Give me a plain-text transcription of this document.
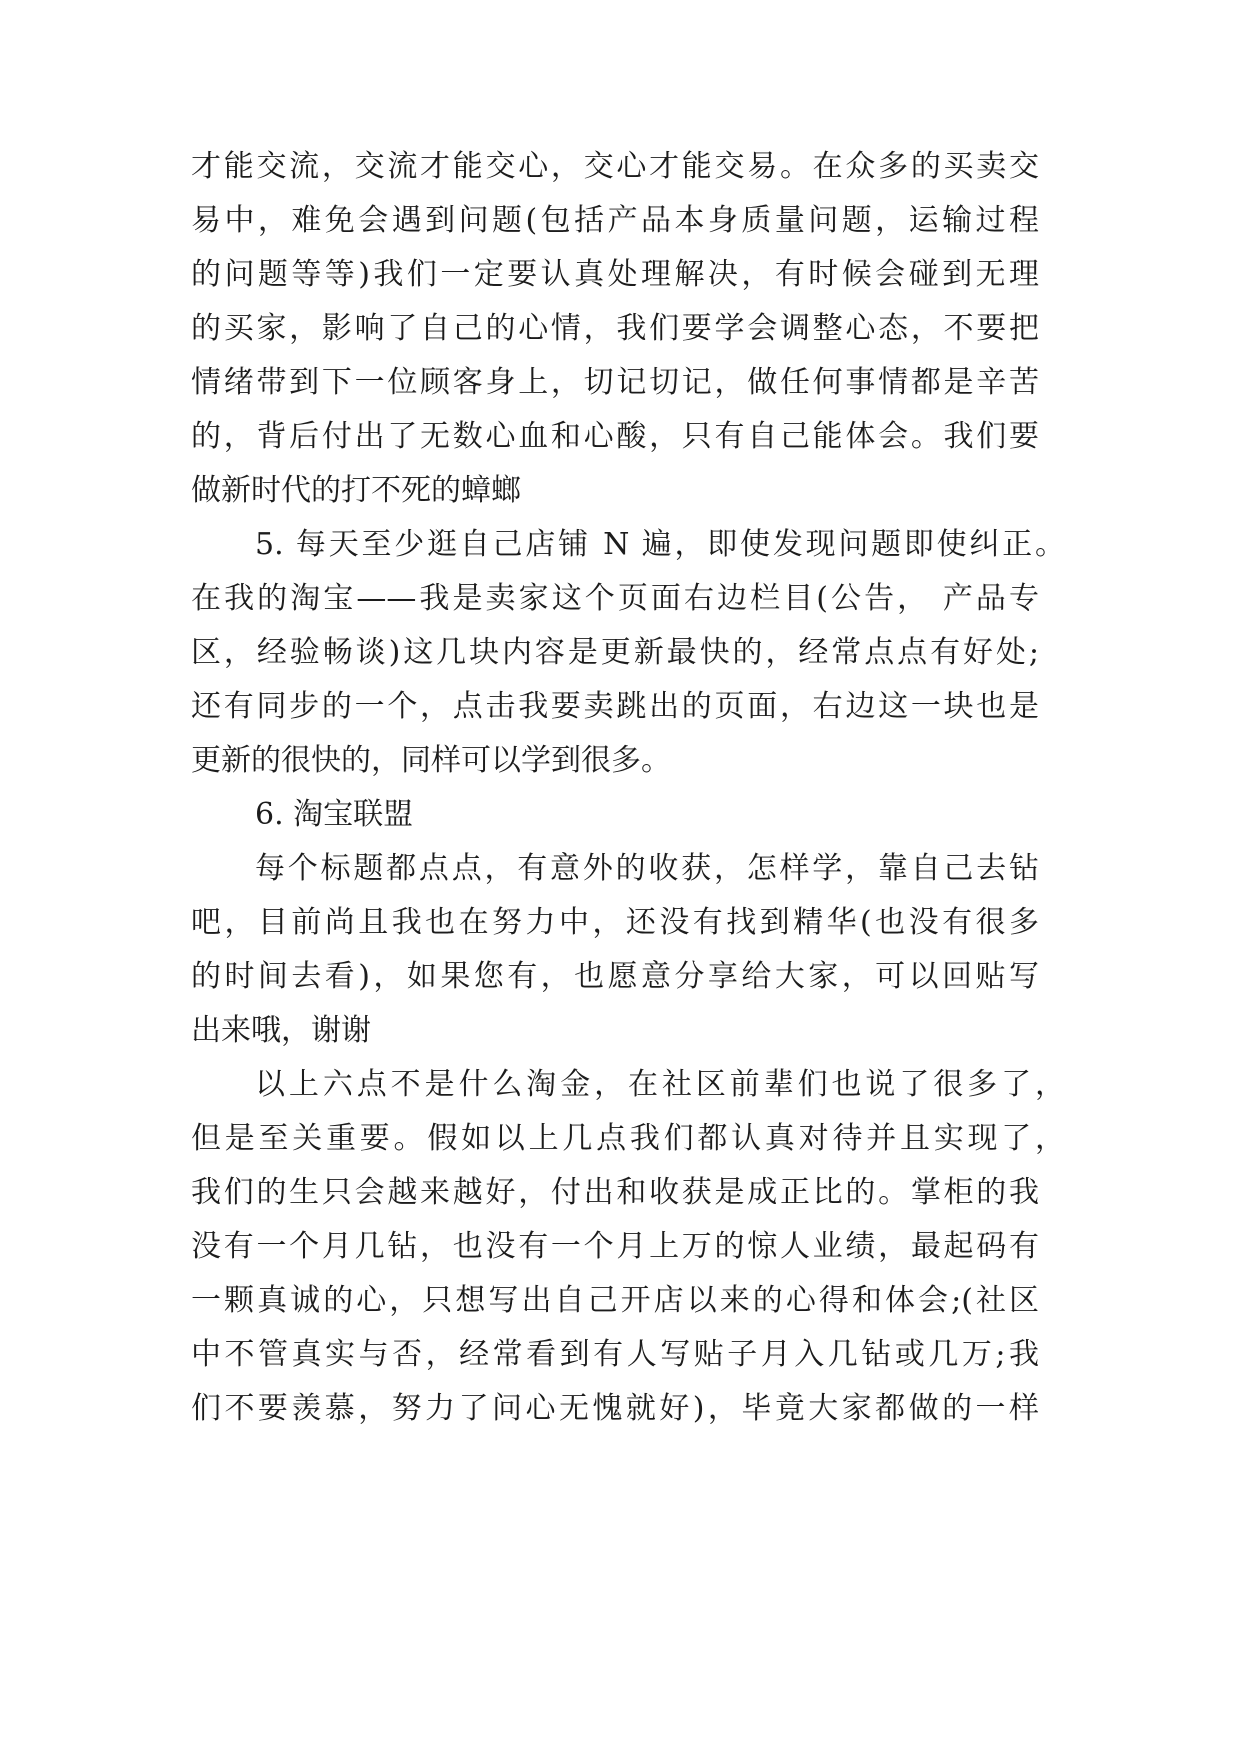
才能交流，交流才能交心，交心才能交易。在众多的买卖交
易中，难免会遇到问题(包括产品本身质量问题，运输过程
的问题等等)我们一定要认真处理解决，有时候会碰到无理
的买家，影响了自己的心情，我们要学会调整心态，不要把
情绪带到下一位顾客身上，切记切记，做任何事情都是辛苦
的，背后付出了无数心血和心酸，只有自己能体会。我们要
做新时代的打不死的蟑螂
5. 每天至少逛自己店铺 N 遍，即使发现问题即使纠正。
在我的淘宝——我是卖家这个页面右边栏目(公告， 产品专
区，经验畅谈)这几块内容是更新最快的，经常点点有好处;
还有同步的一个，点击我要卖跳出的页面，右边这一块也是
更新的很快的，同样可以学到很多。
6. 淘宝联盟
每个标题都点点，有意外的收获，怎样学，靠自己去钻
吧，目前尚且我也在努力中，还没有找到精华(也没有很多
的时间去看)，如果您有，也愿意分享给大家，可以回贴写
出来哦，谢谢
以上六点不是什么淘金，在社区前辈们也说了很多了，
但是至关重要。假如以上几点我们都认真对待并且实现了，
我们的生只会越来越好，付出和收获是成正比的。掌柜的我
没有一个月几钻，也没有一个月上万的惊人业绩，最起码有
一颗真诚的心，只想写出自己开店以来的心得和体会;(社区
中不管真实与否，经常看到有人写贴子月入几钻或几万;我
们不要羡慕，努力了问心无愧就好)，毕竟大家都做的一样
